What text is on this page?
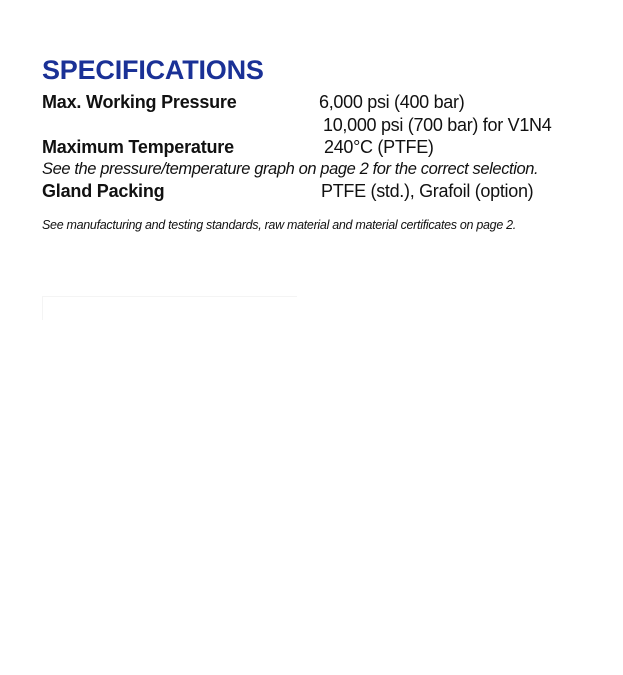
SPECIFICATIONS
Max. Working Pressure	6,000 psi (400 bar)
10,000 psi (700 bar) for V1N4
Maximum Temperature	240°C (PTFE)
See the pressure/temperature graph on page 2 for the correct selection.
Gland Packing	PTFE (std.), Grafoil (option)
See manufacturing and testing standards, raw material and material certificates on page 2.
